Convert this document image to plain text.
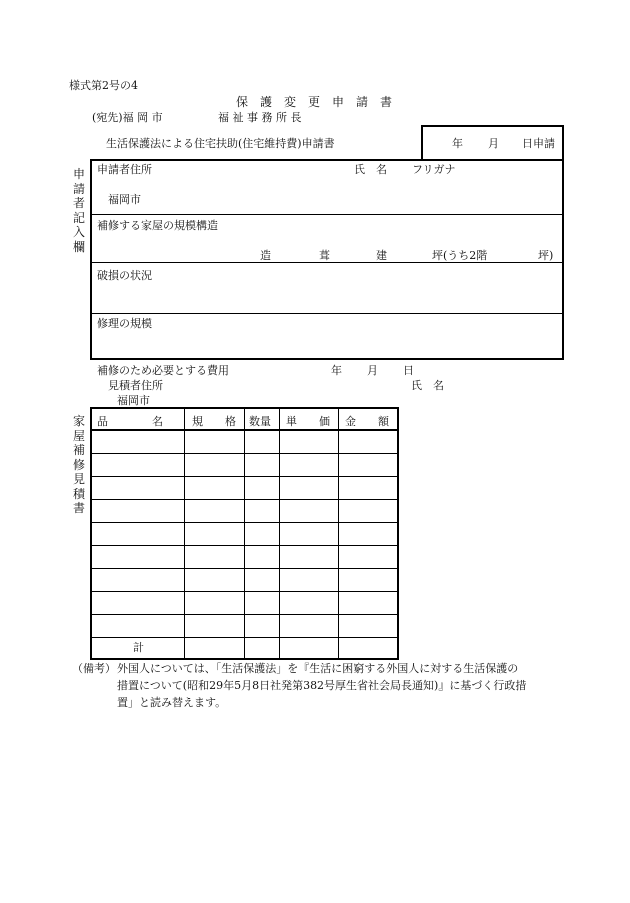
様式第2号の4
保　護　変　更　申　請　書
(宛先)福 岡 市	福 祉 事 務 所 長
生活保護法による住宅扶助(住宅維持費)申請書	年 月 日申請
申請者記入欄
申請者住所	氏　名 フリガナ
福岡市
補修する家屋の規模構造
造	葺	建	坪(うち2階	坪)
破損の状況
修理の規模
補修のため必要とする費用	年 月 日
見積者住所	氏　名
福岡市
家屋補修見積書
品　　　　名	規　　格 数量 単　　価 金　　額
計
（備考） 外国人については、「生活保護法」を『生活に困窮する外国人に対する生活保護の
措置について(昭和29年5月8日社発第382号厚生省社会局長通知)』に基づく行政措
置」と読み替えます。
